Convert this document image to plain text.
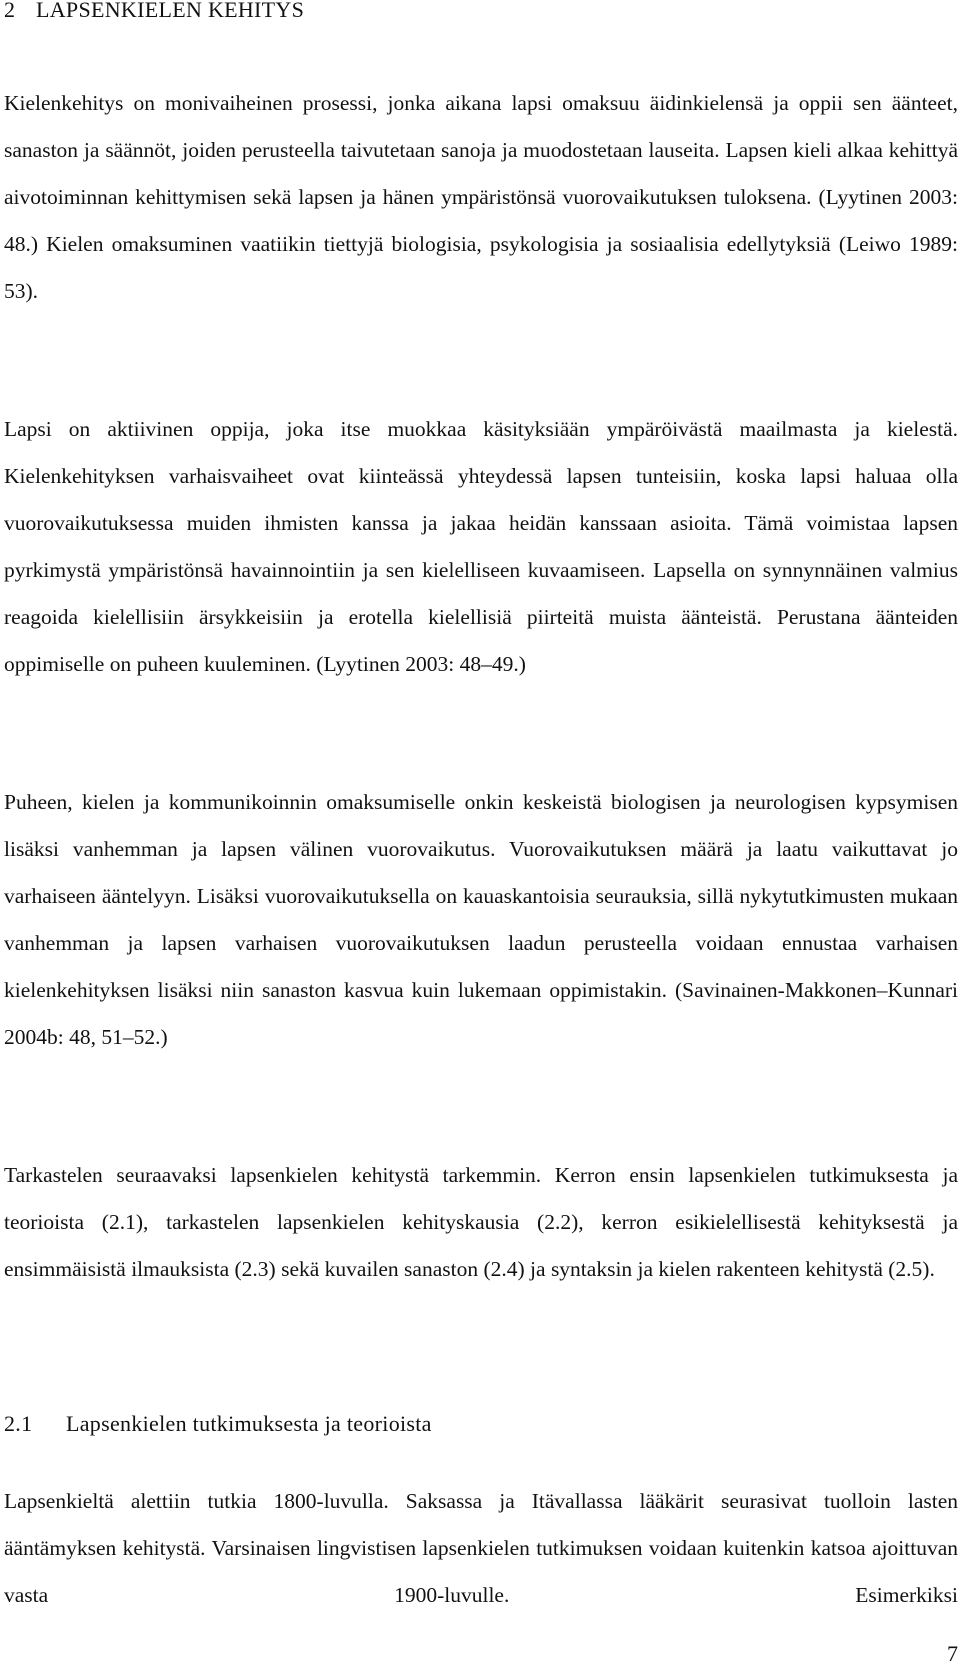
2 LAPSENKIELEN KEHITYS

Kielenkehitys on monivaiheinen prosessi, jonka aikana lapsi omaksuu äidinkielensä ja oppii sen äänteet, sanaston ja säännöt, joiden perusteella taivutetaan sanoja ja muodostetaan lauseita. Lapsen kieli alkaa kehittyä aivotoiminnan kehittymisen sekä lapsen ja hänen ympäristönsä vuorovaikutuksen tuloksena. (Lyytinen 2003: 48.) Kielen omaksuminen vaatiikin tiettyjä biologisia, psykologisia ja sosiaalisia edellytyksiä (Leiwo 1989: 53).

Lapsi on aktiivinen oppija, joka itse muokkaa käsityksiään ympäröivästä maailmasta ja kielestä. Kielenkehityksen varhaisvaiheet ovat kiinteässä yhteydessä lapsen tunteisiin, koska lapsi haluaa olla vuorovaikutuksessa muiden ihmisten kanssa ja jakaa heidän kanssaan asioita. Tämä voimistaa lapsen pyrkimystä ympäristönsä havainnointiin ja sen kielelliseen kuvaamiseen. Lapsella on synnynnäinen valmius reagoida kielellisiin ärsykkeisiin ja erotella kielellisiä piirteitä muista äänteistä. Perustana äänteiden oppimiselle on puheen kuuleminen. (Lyytinen 2003: 48–49.)

Puheen, kielen ja kommunikoinnin omaksumiselle onkin keskeistä biologisen ja neurologisen kypsymisen lisäksi vanhemman ja lapsen välinen vuorovaikutus. Vuorovaikutuksen määrä ja laatu vaikuttavat jo varhaiseen ääntelyyn. Lisäksi vuorovaikutuksella on kauaskantoisia seurauksia, sillä nykytutkimusten mukaan vanhemman ja lapsen varhaisen vuorovaikutuksen laadun perusteella voidaan ennustaa varhaisen kielenkehityksen lisäksi niin sanaston kasvua kuin lukemaan oppimistakin. (Savinainen-Makkonen–Kunnari 2004b: 48, 51–52.)

Tarkastelen seuraavaksi lapsenkielen kehitystä tarkemmin. Kerron ensin lapsenkielen tutkimuksesta ja teorioista (2.1), tarkastelen lapsenkielen kehityskausia (2.2), kerron esikielellisestä kehityksestä ja ensimmäisistä ilmauksista (2.3) sekä kuvailen sanaston (2.4) ja syntaksin ja kielen rakenteen kehitystä (2.5).

2.1 Lapsenkielen tutkimuksesta ja teorioista

Lapsenkieltä alettiin tutkia 1800-luvulla. Saksassa ja Itävallassa lääkärit seurasivat tuolloin lasten ääntämyksen kehitystä. Varsinaisen lingvistisen lapsenkielen tutkimuksen voidaan kuitenkin katsoa ajoittuvan vasta 1900-luvulle. Esimerkiksi

7
